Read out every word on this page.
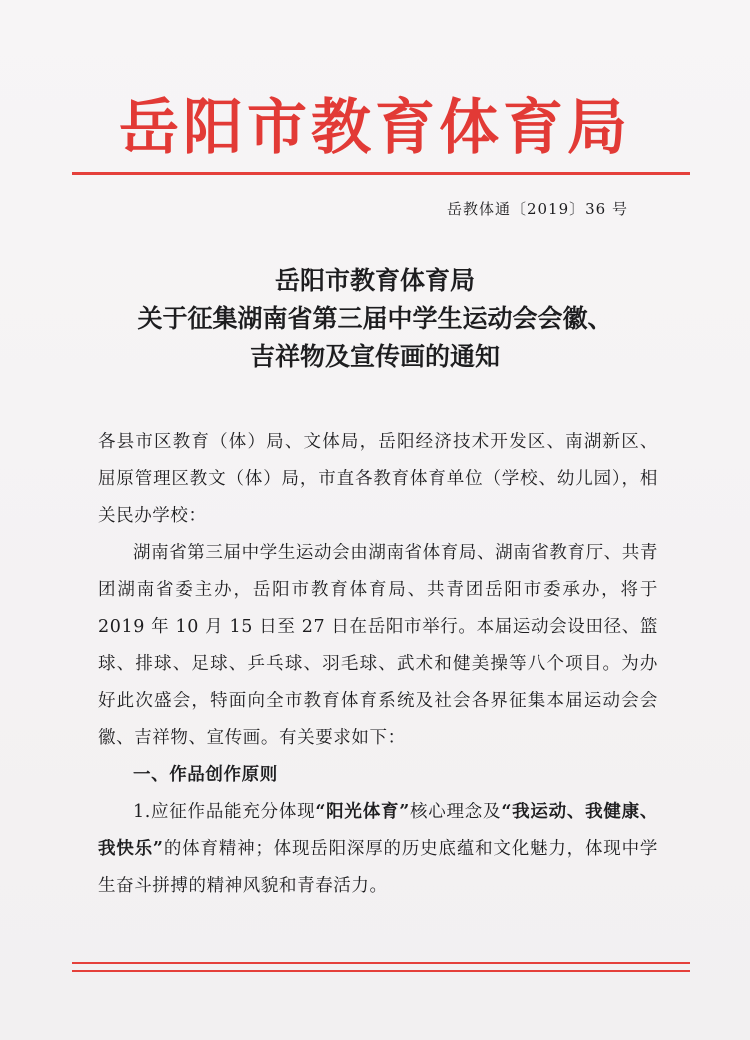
岳阳市教育体育局
岳教体通〔2019〕36 号
岳阳市教育体育局
关于征集湖南省第三届中学生运动会会徽、
吉祥物及宣传画的通知

各县市区教育（体）局、文体局，岳阳经济技术开发区、南湖新区、屈原管理区教文（体）局，市直各教育体育单位（学校、幼儿园），相关民办学校：

湖南省第三届中学生运动会由湖南省体育局、湖南省教育厅、共青团湖南省委主办，岳阳市教育体育局、共青团岳阳市委承办，将于 2019 年 10 月 15 日至 27 日在岳阳市举行。本届运动会设田径、篮球、排球、足球、乒乓球、羽毛球、武术和健美操等八个项目。为办好此次盛会，特面向全市教育体育系统及社会各界征集本届运动会会徽、吉祥物、宣传画。有关要求如下：

一、作品创作原则

1.应征作品能充分体现“阳光体育”核心理念及“我运动、我健康、我快乐”的体育精神；体现岳阳深厚的历史底蕴和文化魅力，体现中学生奋斗拼搏的精神风貌和青春活力。
